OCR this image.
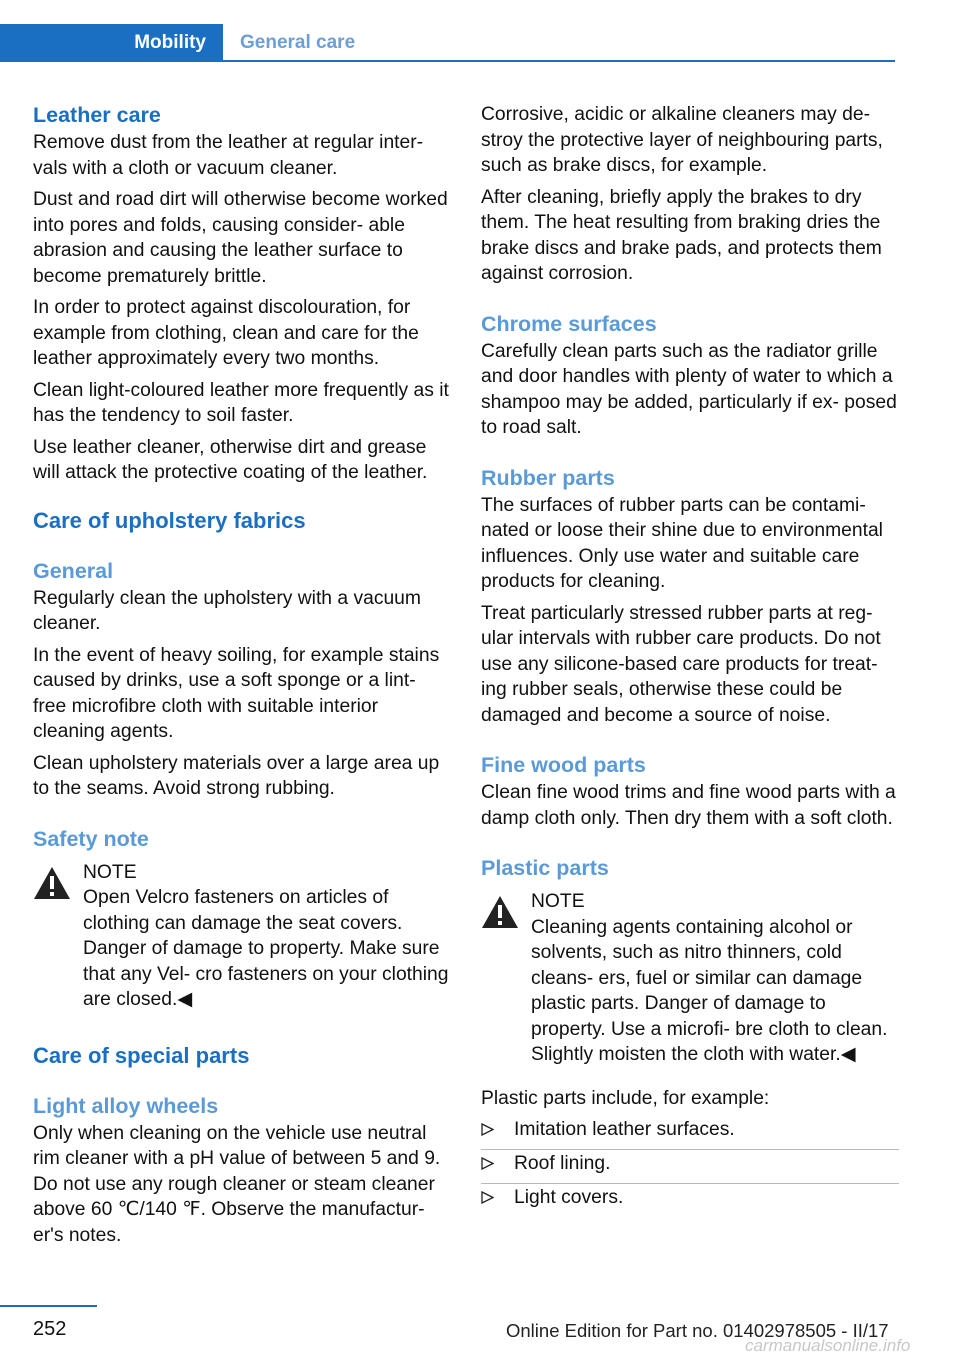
Mobility	General care
Leather care

Remove dust from the leather at regular inter‐ vals with a cloth or vacuum cleaner.

Dust and road dirt will otherwise become worked into pores and folds, causing consider‐ able abrasion and causing the leather surface to become prematurely brittle.

In order to protect against discolouration, for example from clothing, clean and care for the leather approximately every two months.

Clean light-coloured leather more frequently as it has the tendency to soil faster.

Use leather cleaner, otherwise dirt and grease will attack the protective coating of the leather.

Care of upholstery fabrics
General

Regularly clean the upholstery with a vacuum cleaner.

In the event of heavy soiling, for example stains caused by drinks, use a soft sponge or a lint‐ free microfibre cloth with suitable interior cleaning agents.

Clean upholstery materials over a large area up to the seams. Avoid strong rubbing.

Safety note
NOTE
Open Velcro fasteners on articles of clothing can damage the seat covers. Danger of damage to property. Make sure that any Vel‐ cro fasteners on your clothing are closed.◀
Care of special parts
Light alloy wheels

Only when cleaning on the vehicle use neutral rim cleaner with a pH value of between 5 and 9. Do not use any rough cleaner or steam cleaner above 60 ℃/140 ℉. Observe the manufactur‐ er's notes.

Corrosive, acidic or alkaline cleaners may de‐ stroy the protective layer of neighbouring parts, such as brake discs, for example.

After cleaning, briefly apply the brakes to dry them. The heat resulting from braking dries the brake discs and brake pads, and protects them against corrosion.

Chrome surfaces

Carefully clean parts such as the radiator grille and door handles with plenty of water to which a shampoo may be added, particularly if ex‐ posed to road salt.

Rubber parts

The surfaces of rubber parts can be contami‐ nated or loose their shine due to environmental influences. Only use water and suitable care products for cleaning.

Treat particularly stressed rubber parts at reg‐ ular intervals with rubber care products. Do not use any silicone-based care products for treat‐ ing rubber seals, otherwise these could be damaged and become a source of noise.

Fine wood parts

Clean fine wood trims and fine wood parts with a damp cloth only. Then dry them with a soft cloth.

Plastic parts
NOTE
Cleaning agents containing alcohol or solvents, such as nitro thinners, cold cleans‐ ers, fuel or similar can damage plastic parts. Danger of damage to property. Use a microfi‐ bre cloth to clean. Slightly moisten the cloth with water.◀

Plastic parts include, for example:

Imitation leather surfaces.
Roof lining.
Light covers.
252	Online Edition for Part no. 01402978505 - II/17
carmanualsonline.info
